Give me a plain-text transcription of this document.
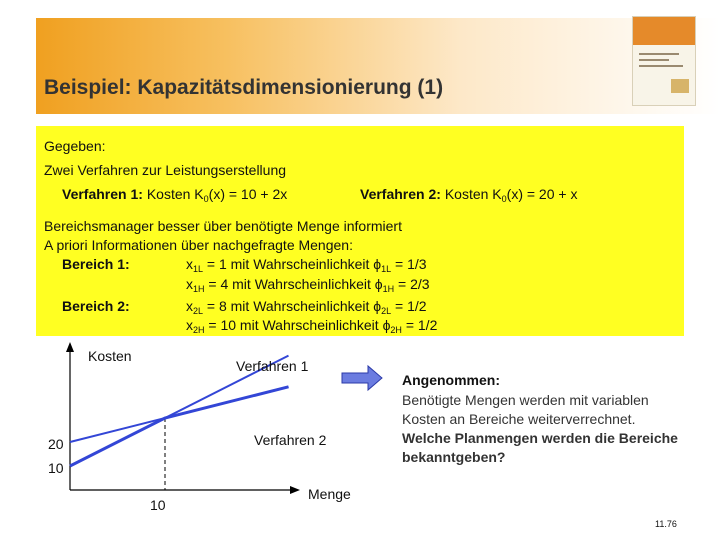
Beispiel: Kapazitätsdimensionierung (1)
Gegeben:
Zwei Verfahren zur Leistungserstellung
Verfahren 1: Kosten $K_0(x) = 10 + 2x$	Verfahren 2: Kosten $K_0(x) = 20 + x$
Bereichsmanager besser über benötigte Menge informiert
A priori Informationen über nachgefragte Mengen:
Bereich 1:
Bereich 2:
$x_{1L} = 1$ mit Wahrscheinlichkeit $\phi_{1L} = 1/3$
$x_{1H} = 4$ mit Wahrscheinlichkeit $\phi_{1H} = 2/3$
$x_{2L} = 8$ mit Wahrscheinlichkeit $\phi_{2L} = 1/2$
$x_{2H} = 10$ mit Wahrscheinlichkeit $\phi_{2H} = 1/2$
Kosten
Verfahren 1
Verfahren 2
20
10
10
Menge
Angenommen:
Benötigte Mengen werden mit variablen Kosten an Bereiche weiterverrechnet.
Welche Planmengen werden die Bereiche bekanntgeben?
11.76
